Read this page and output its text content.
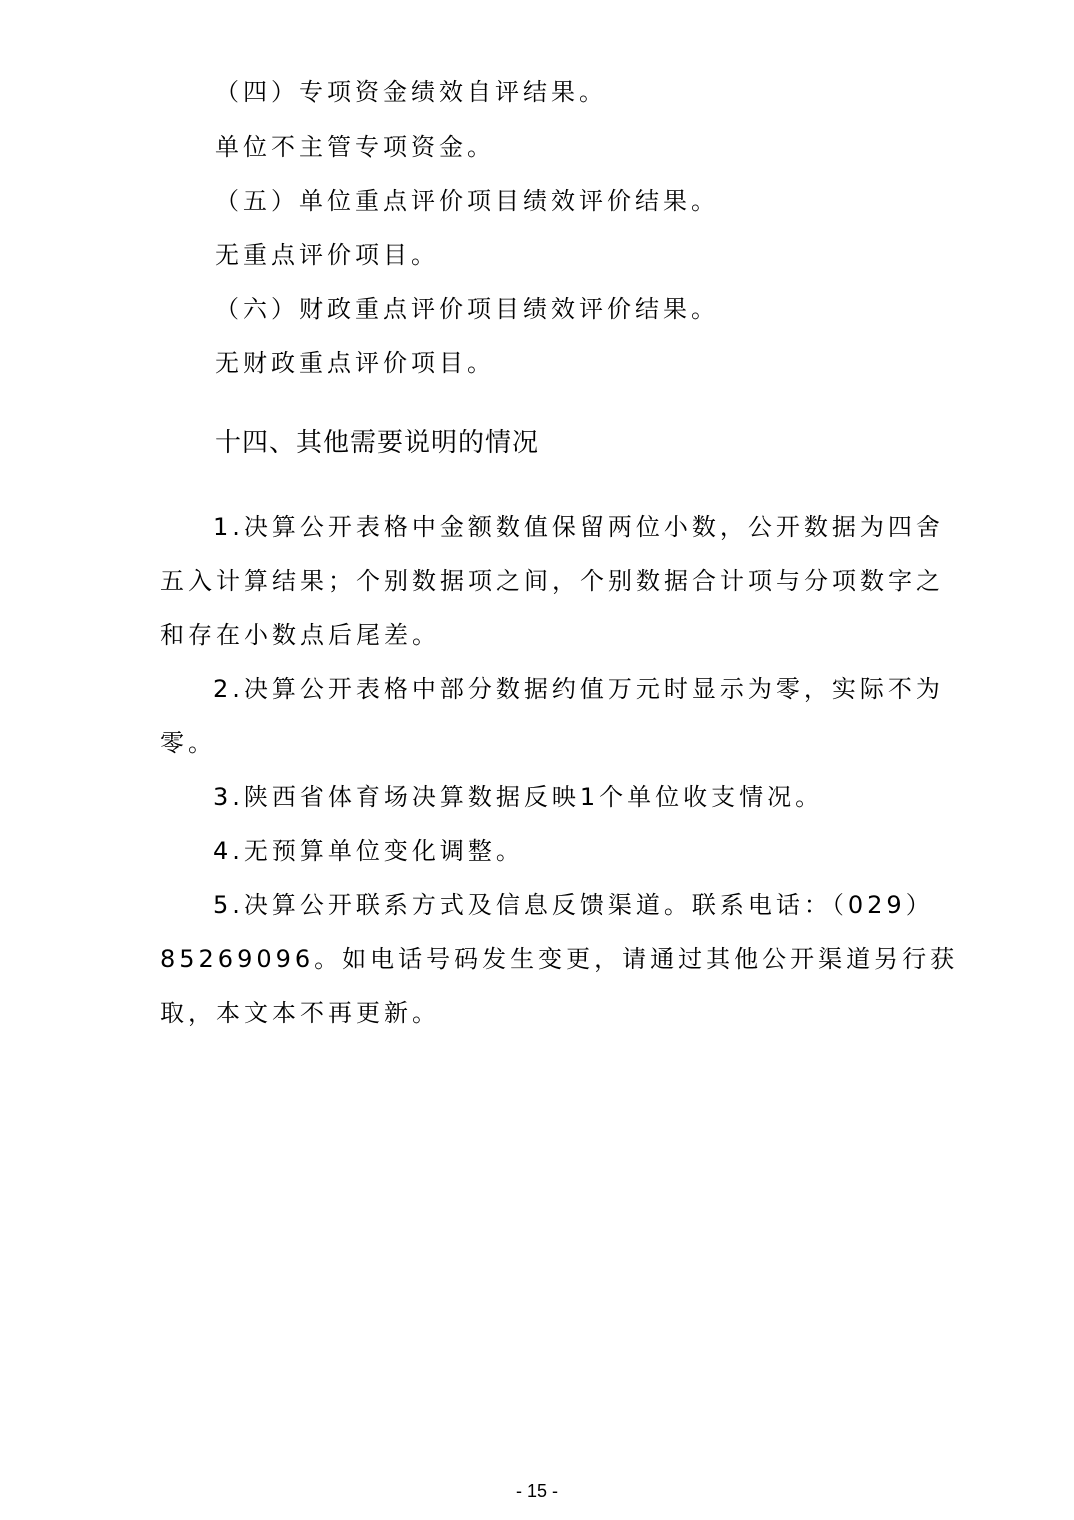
（四）专项资金绩效自评结果。
单位不主管专项资金。
（五）单位重点评价项目绩效评价结果。
无重点评价项目。
（六）财政重点评价项目绩效评价结果。
无财政重点评价项目。
十四、其他需要说明的情况
1.决算公开表格中金额数值保留两位小数，公开数据为四舍
五入计算结果；个别数据项之间，个别数据合计项与分项数字之
和存在小数点后尾差。
2.决算公开表格中部分数据约值万元时显示为零，实际不为
零。
3.陕西省体育场决算数据反映1个单位收支情况。
4.无预算单位变化调整。
5.决算公开联系方式及信息反馈渠道。联系电话：（029）
85269096。如电话号码发生变更，请通过其他公开渠道另行获
取，本文本不再更新。
- 15 -
